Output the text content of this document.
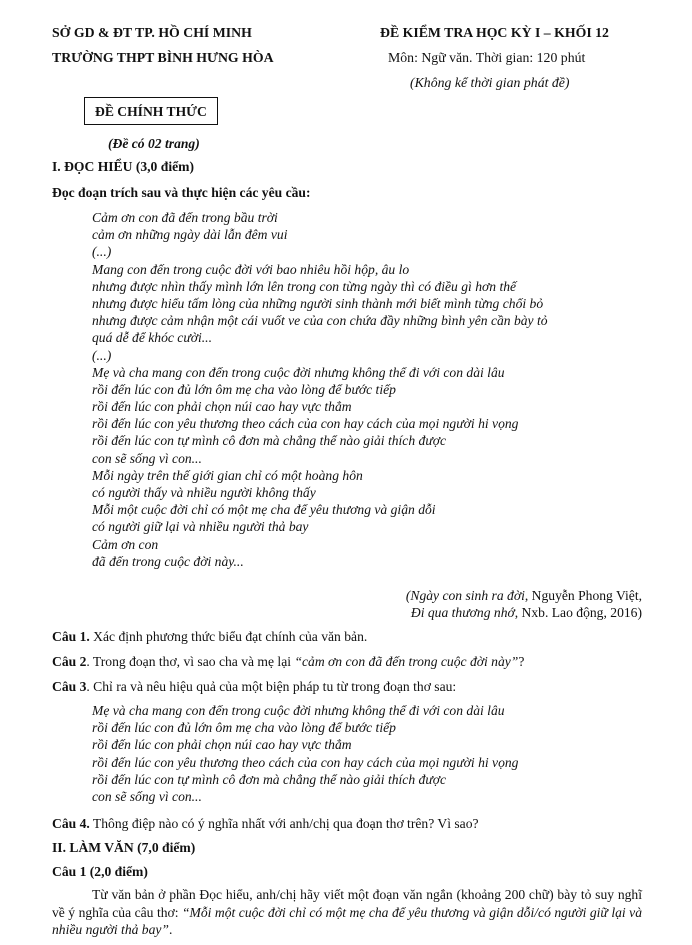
SỞ GD & ĐT TP. HỒ CHÍ MINH
TRƯỜNG THPT BÌNH HƯNG HÒA
ĐỀ KIỂM TRA HỌC KỲ I – KHỐI 12
Môn: Ngữ văn. Thời gian: 120 phút
(Không kể thời gian phát đề)
ĐỀ CHÍNH THỨC
(Đề có 02 trang)
I. ĐỌC HIỂU (3,0 điểm)
Đọc đoạn trích sau và thực hiện các yêu cầu:
Cảm ơn con đã đến trong bầu trời
cảm ơn những ngày dài lẫn đêm vui
(...)
Mang con đến trong cuộc đời với bao nhiêu hồi hộp, âu lo
nhưng được nhìn thấy mình lớn lên trong con từng ngày thì có điều gì hơn thế
nhưng được hiểu tấm lòng của những người sinh thành mới biết mình từng chối bỏ
nhưng được cảm nhận một cái vuốt ve của con chứa đầy những bình yên cần bày tỏ
quá dễ để khóc cười...
(...)
Mẹ và cha mang con đến trong cuộc đời nhưng không thể đi với con dài lâu
rồi đến lúc con đủ lớn ôm mẹ cha vào lòng để bước tiếp
rồi đến lúc con phải chọn núi cao hay vực thẳm
rồi đến lúc con yêu thương theo cách của con hay cách của mọi người hi vọng
rồi đến lúc con tự mình cô đơn mà chẳng thể nào giải thích được
con sẽ sống vì con...
Mỗi ngày trên thế giới gian chỉ có một hoàng hôn
có người thấy và nhiều người không thấy
Mỗi một cuộc đời chỉ có một mẹ cha để yêu thương và giận dỗi
có người giữ lại và nhiều người thả bay
Cảm ơn con
đã đến trong cuộc đời này...
(Ngày con sinh ra đời, Nguyễn Phong Việt,
Đi qua thương nhớ, Nxb. Lao động, 2016)
Câu 1. Xác định phương thức biểu đạt chính của văn bản.
Câu 2. Trong đoạn thơ, vì sao cha và mẹ lại “cảm ơn con đã đến trong cuộc đời này”?
Câu 3. Chỉ ra và nêu hiệu quả của một biện pháp tu từ trong đoạn thơ sau:
Mẹ và cha mang con đến trong cuộc đời nhưng không thể đi với con dài lâu
rồi đến lúc con đủ lớn ôm mẹ cha vào lòng để bước tiếp
rồi đến lúc con phải chọn núi cao hay vực thẳm
rồi đến lúc con yêu thương theo cách của con hay cách của mọi người hi vọng
rồi đến lúc con tự mình cô đơn mà chẳng thể nào giải thích được
con sẽ sống vì con...
Câu 4. Thông điệp nào có ý nghĩa nhất với anh/chị qua đoạn thơ trên? Vì sao?
II. LÀM VĂN (7,0 điểm)
Câu 1 (2,0 điểm)
Từ văn bản ở phần Đọc hiểu, anh/chị hãy viết một đoạn văn ngắn (khoảng 200 chữ) bày tỏ suy nghĩ về ý nghĩa của câu thơ: “Mỗi một cuộc đời chỉ có một mẹ cha để yêu thương và giận dỗi/có người giữ lại và nhiều người thả bay”.
